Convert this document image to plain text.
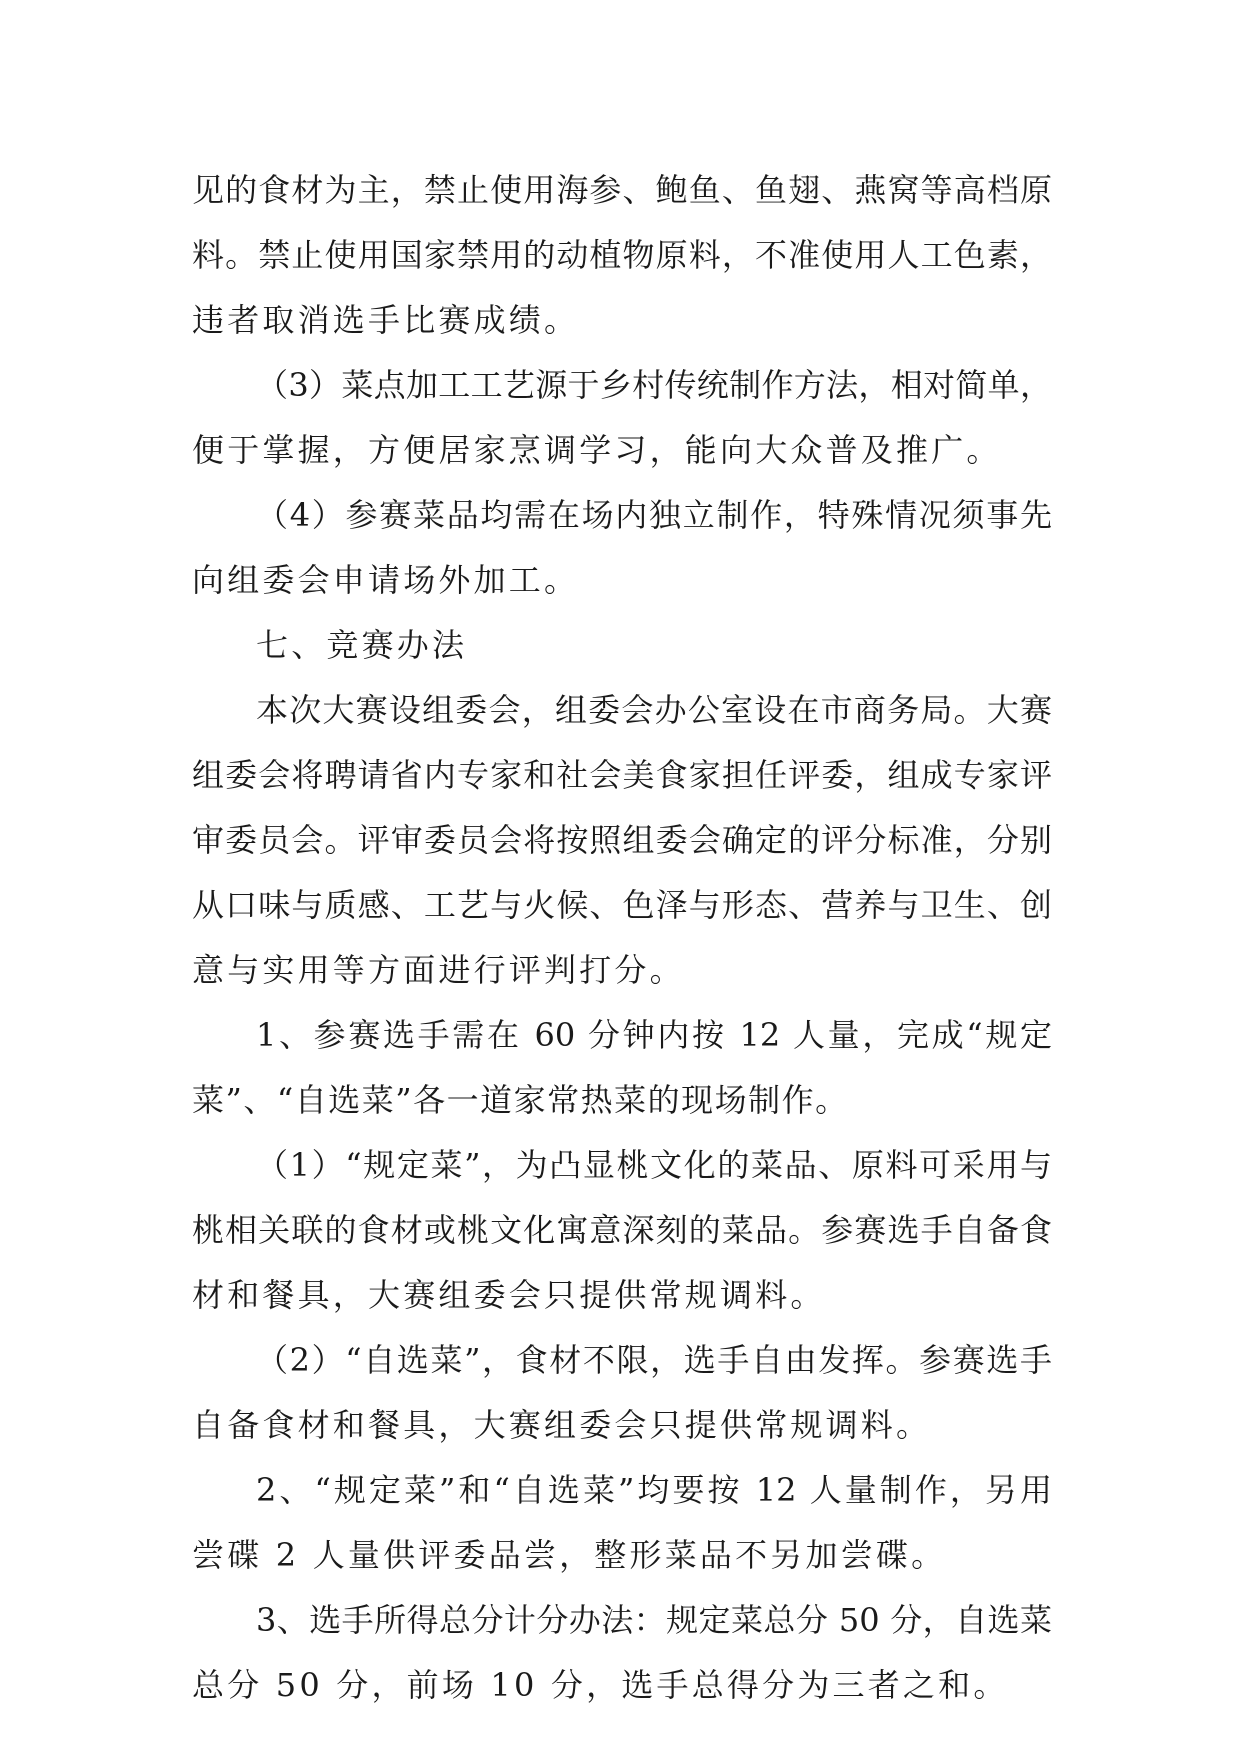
见的食材为主，禁止使用海参、鲍鱼、鱼翅、燕窝等高档原
料。禁止使用国家禁用的动植物原料，不准使用人工色素，
违者取消选手比赛成绩。
（3）菜点加工工艺源于乡村传统制作方法，相对简单，
便于掌握，方便居家烹调学习，能向大众普及推广。
（4）参赛菜品均需在场内独立制作，特殊情况须事先
向组委会申请场外加工。
七、竞赛办法
本次大赛设组委会，组委会办公室设在市商务局。大赛
组委会将聘请省内专家和社会美食家担任评委，组成专家评
审委员会。评审委员会将按照组委会确定的评分标准，分别
从口味与质感、工艺与火候、色泽与形态、营养与卫生、创
意与实用等方面进行评判打分。
1、参赛选手需在 60 分钟内按 12 人量，完成“规定
菜”、“自选菜”各一道家常热菜的现场制作。
（1）“规定菜”，为凸显桃文化的菜品、原料可采用与
桃相关联的食材或桃文化寓意深刻的菜品。参赛选手自备食
材和餐具，大赛组委会只提供常规调料。
（2）“自选菜”，食材不限，选手自由发挥。参赛选手
自备食材和餐具，大赛组委会只提供常规调料。
2、“规定菜”和“自选菜”均要按 12 人量制作，另用
尝碟 2 人量供评委品尝，整形菜品不另加尝碟。
3、选手所得总分计分办法：规定菜总分 50 分，自选菜
总分 50 分，前场 10 分，选手总得分为三者之和。
